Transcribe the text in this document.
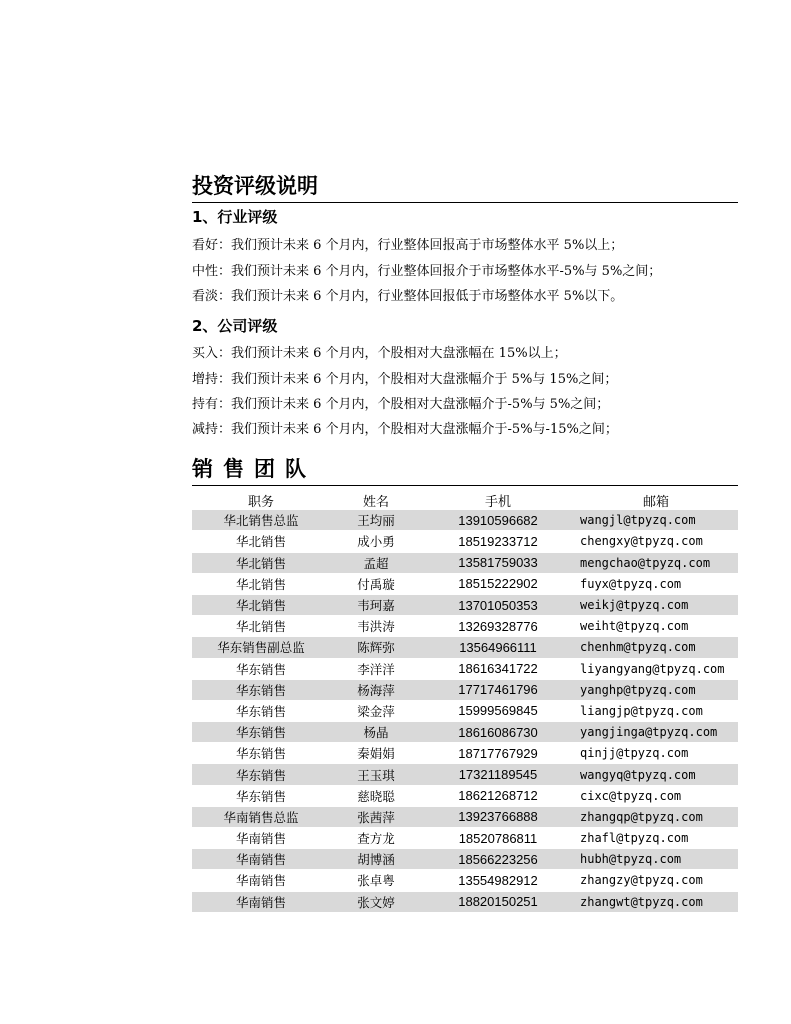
投资评级说明
1、行业评级
看好：我们预计未来 6 个月内，行业整体回报高于市场整体水平 5%以上；
中性：我们预计未来 6 个月内，行业整体回报介于市场整体水平-5%与 5%之间；
看淡：我们预计未来 6 个月内，行业整体回报低于市场整体水平 5%以下。
2、公司评级
买入：我们预计未来 6 个月内，个股相对大盘涨幅在 15%以上；
增持：我们预计未来 6 个月内，个股相对大盘涨幅介于 5%与 15%之间；
持有：我们预计未来 6 个月内，个股相对大盘涨幅介于-5%与 5%之间；
减持：我们预计未来 6 个月内，个股相对大盘涨幅介于-5%与-15%之间；
销售团队
职务	姓名	手机	邮箱
华北销售总监	王均丽	13910596682	wangjl@tpyzq.com
华北销售	成小勇	18519233712	chengxy@tpyzq.com
华北销售	孟超	13581759033	mengchao@tpyzq.com
华北销售	付禹璇	18515222902	fuyx@tpyzq.com
华北销售	韦珂嘉	13701050353	weikj@tpyzq.com
华北销售	韦洪涛	13269328776	weiht@tpyzq.com
华东销售副总监	陈辉弥	13564966111	chenhm@tpyzq.com
华东销售	李洋洋	18616341722	liyangyang@tpyzq.com
华东销售	杨海萍	17717461796	yanghp@tpyzq.com
华东销售	梁金萍	15999569845	liangjp@tpyzq.com
华东销售	杨晶	18616086730	yangjinga@tpyzq.com
华东销售	秦娟娟	18717767929	qinjj@tpyzq.com
华东销售	王玉琪	17321189545	wangyq@tpyzq.com
华东销售	慈晓聪	18621268712	cixc@tpyzq.com
华南销售总监	张茜萍	13923766888	zhangqp@tpyzq.com
华南销售	查方龙	18520786811	zhafl@tpyzq.com
华南销售	胡博涵	18566223256	hubh@tpyzq.com
华南销售	张卓粤	13554982912	zhangzy@tpyzq.com
华南销售	张文婷	18820150251	zhangwt@tpyzq.com
